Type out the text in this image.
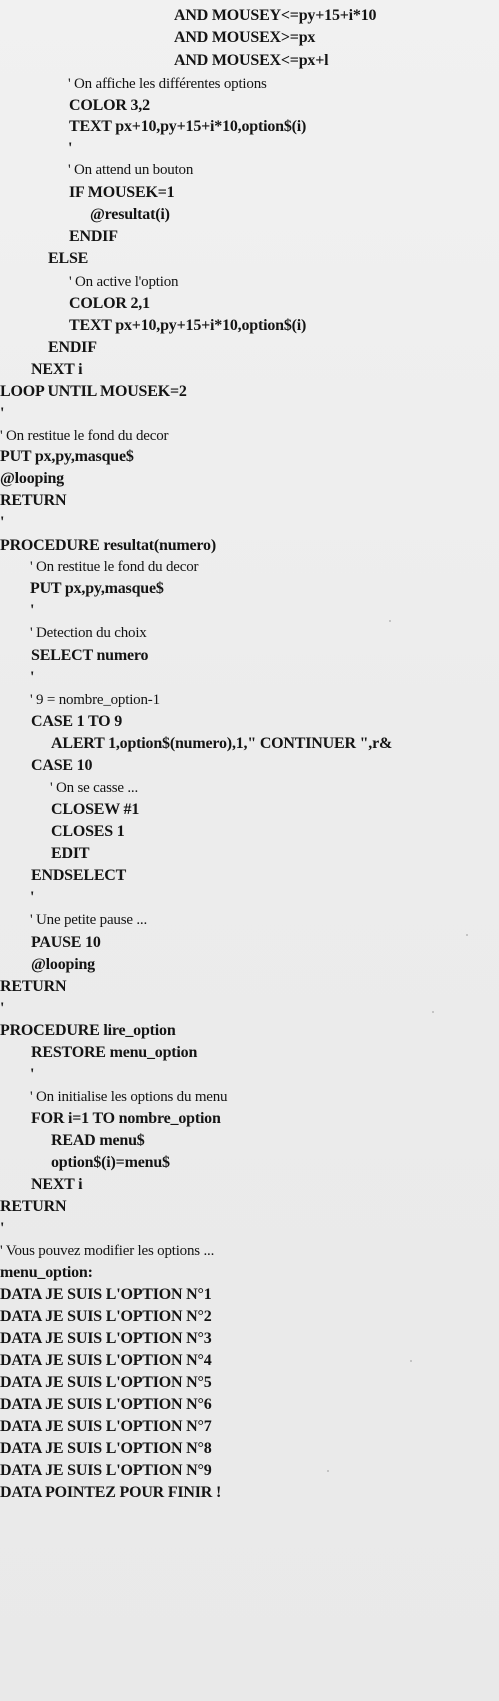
AND MOUSEY<=py+15+i*10
AND MOUSEX>=px
AND MOUSEX<=px+l
' On affiche les différentes options
COLOR 3,2
TEXT px+10,py+15+i*10,option$(i)
'
' On attend un bouton
IF MOUSEK=1
@resultat(i)
ENDIF
ELSE
' On active l'option
COLOR 2,1
TEXT px+10,py+15+i*10,option$(i)
ENDIF
NEXT i
LOOP UNTIL MOUSEK=2
'
' On restitue le fond du decor
PUT px,py,masque$
@looping
RETURN
'
PROCEDURE resultat(numero)
' On restitue le fond du decor
PUT px,py,masque$
'
' Detection du choix
SELECT numero
'
' 9 = nombre_option-1
CASE 1 TO 9
ALERT 1,option$(numero),1," CONTINUER ",r&
CASE 10
' On se casse ...
CLOSEW #1
CLOSES 1
EDIT
ENDSELECT
'
' Une petite pause ...
PAUSE 10
@looping
RETURN
'
PROCEDURE lire_option
RESTORE menu_option
'
' On initialise les options du menu
FOR i=1 TO nombre_option
READ menu$
option$(i)=menu$
NEXT i
RETURN
'
' Vous pouvez modifier les options ...
menu_option:
DATA JE SUIS L'OPTION N°1
DATA JE SUIS L'OPTION N°2
DATA JE SUIS L'OPTION N°3
DATA JE SUIS L'OPTION N°4
DATA JE SUIS L'OPTION N°5
DATA JE SUIS L'OPTION N°6
DATA JE SUIS L'OPTION N°7
DATA JE SUIS L'OPTION N°8
DATA JE SUIS L'OPTION N°9
DATA POINTEZ POUR FINIR !
